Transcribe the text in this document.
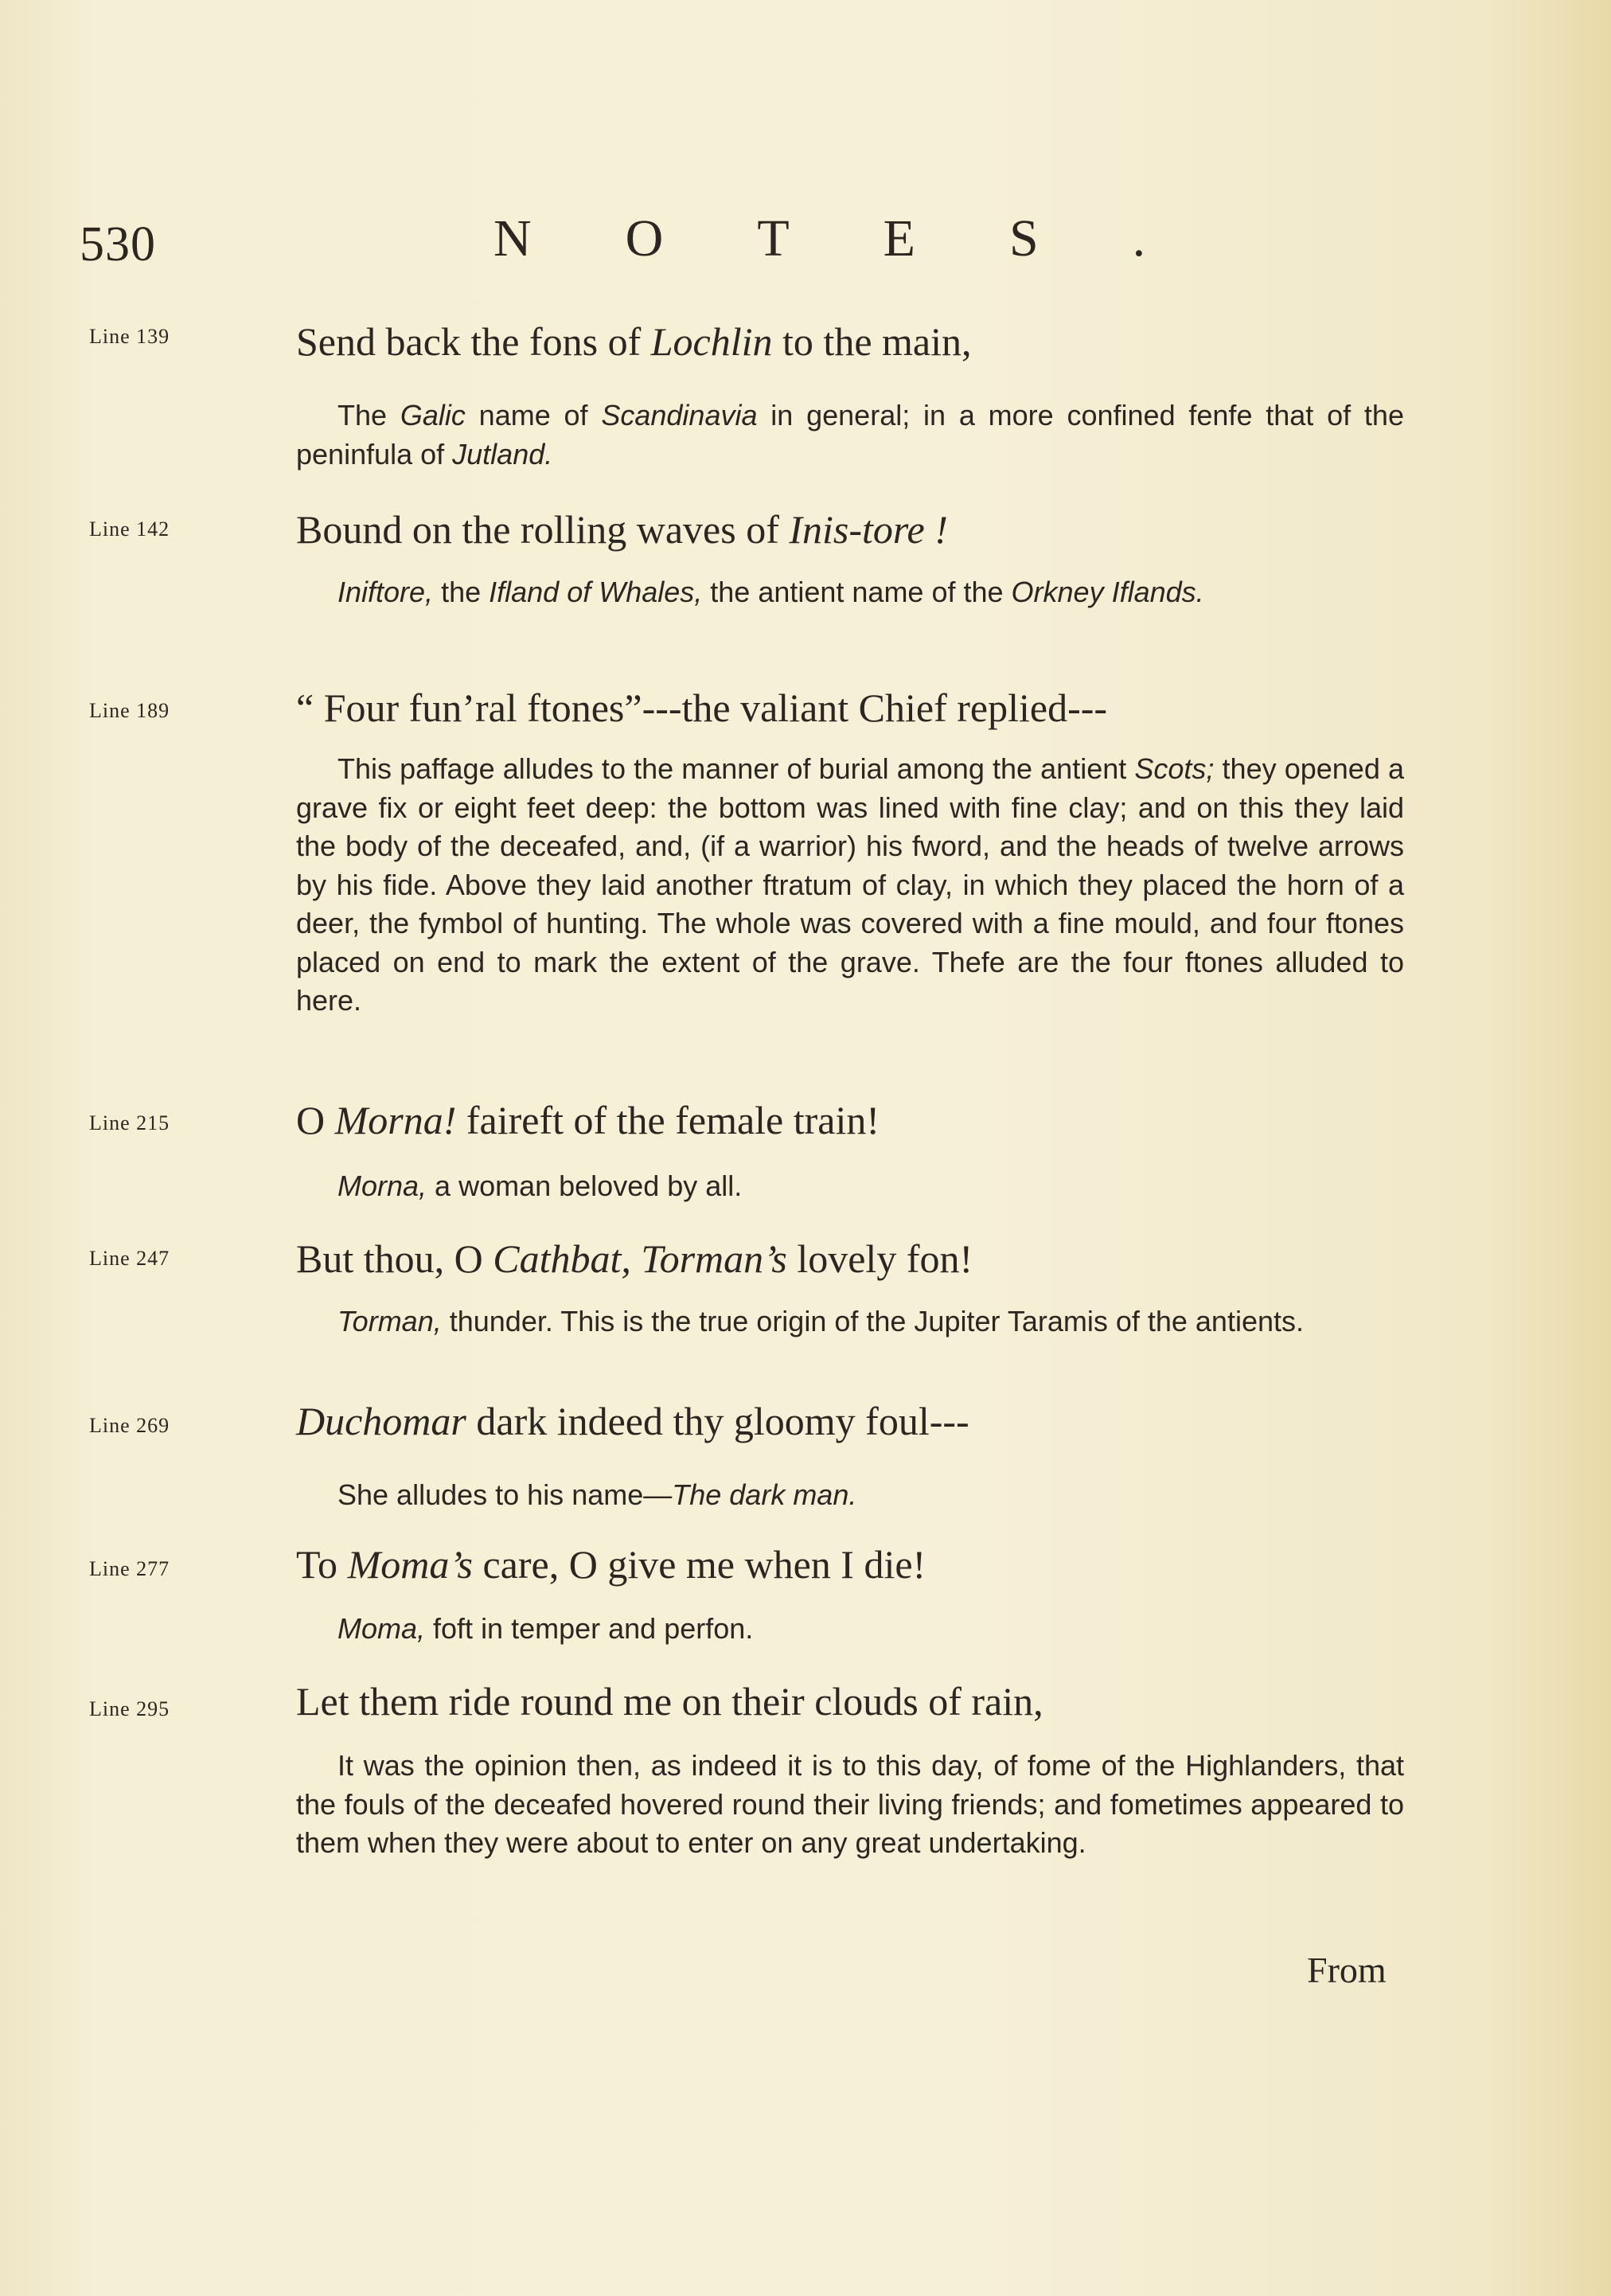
530	NOTES.
Line 139	Send back the fons of Lochlin to the main,
The Galic name of Scandinavia in general; in a more confined fenfe that of the peninfula of Jutland.
Line 142	Bound on the rolling waves of Inis-tore !
Iniftore, the Ifland of Whales, the antient name of the Orkney Iflands.
Line 189	“ Four fun’ral ftones”---the valiant Chief replied---
This paffage alludes to the manner of burial among the antient Scots; they opened a grave fix or eight feet deep: the bottom was lined with fine clay; and on this they laid the body of the deceafed, and, (if a warrior) his fword, and the heads of twelve arrows by his fide. Above they laid another ftratum of clay, in which they placed the horn of a deer, the fymbol of hunting. The whole was covered with a fine mould, and four ftones placed on end to mark the extent of the grave. Thefe are the four ftones alluded to here.
Line 215	O Morna! faireft of the female train!
Morna, a woman beloved by all.
Line 247	But thou, O Cathbat, Torman’s lovely fon!
Torman, thunder. This is the true origin of the Jupiter Taramis of the antients.
Line 269	Duchomar dark indeed thy gloomy foul---
She alludes to his name—The dark man.
Line 277	To Moma’s care, O give me when I die!
Moma, foft in temper and perfon.
Line 295	Let them ride round me on their clouds of rain,
It was the opinion then, as indeed it is to this day, of fome of the Highlanders, that the fouls of the deceafed hovered round their living friends; and fometimes appeared to them when they were about to enter on any great undertaking.
From
